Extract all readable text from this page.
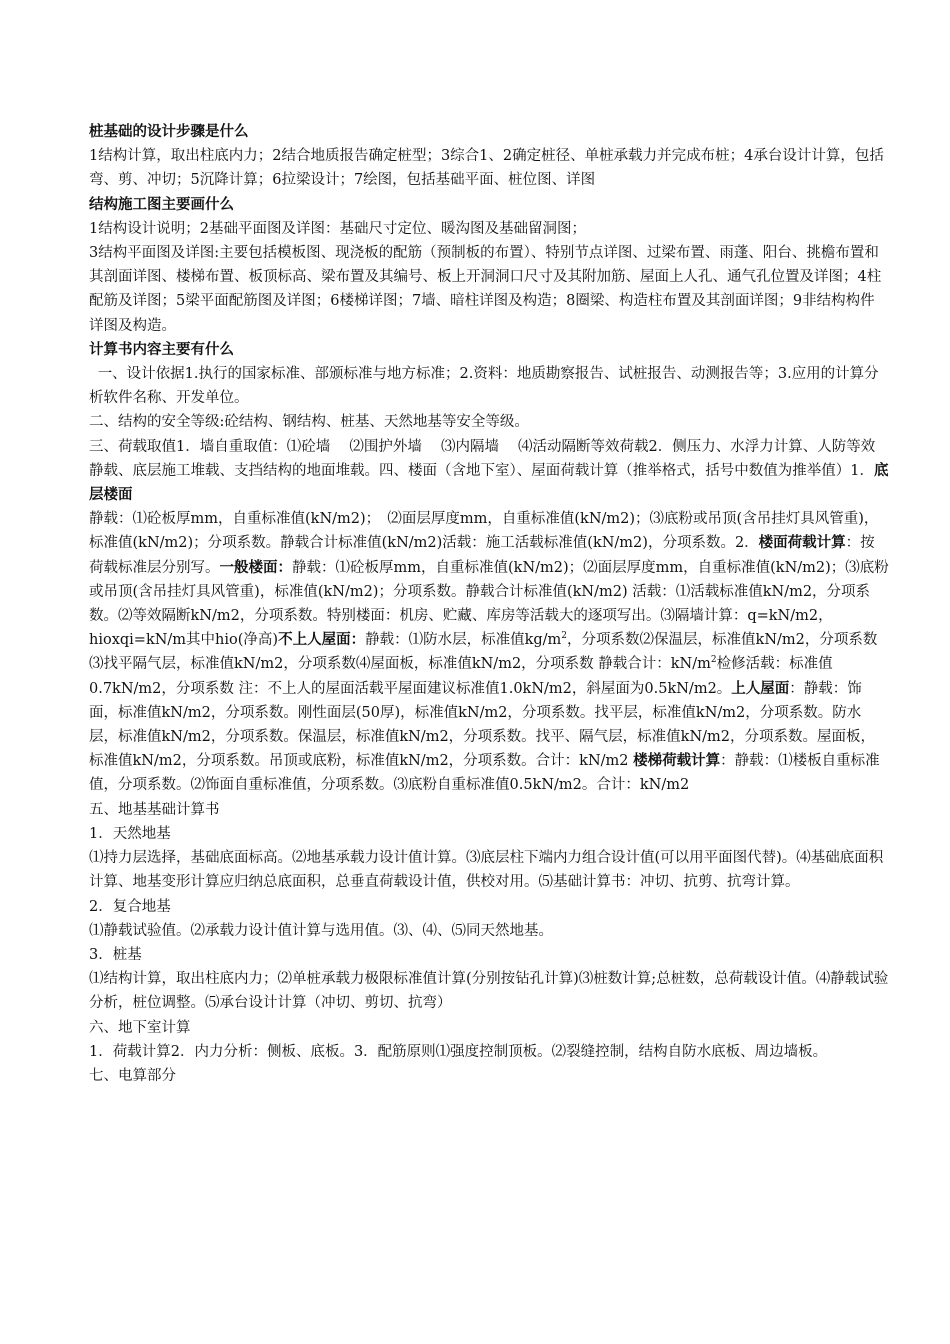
桩基础的设计步骤是什么

1结构计算，取出柱底内力；2结合地质报告确定桩型；3综合1、2确定桩径、单桩承载力并完成布桩；4承台设计计算，包括弯、剪、冲切；5沉降计算；6拉梁设计；7绘图，包括基础平面、桩位图、详图

结构施工图主要画什么

1结构设计说明；2基础平面图及详图：基础尺寸定位、暖沟图及基础留洞图；

3结构平面图及详图:主要包括模板图、现浇板的配筋（预制板的布置）、特别节点详图、过梁布置、雨蓬、阳台、挑檐布置和其剖面详图、楼梯布置、板顶标高、梁布置及其编号、板上开洞洞口尺寸及其附加筋、屋面上人孔、通气孔位置及详图；4柱配筋及详图；5梁平面配筋图及详图；6楼梯详图；7墙、暗柱详图及构造；8圈梁、构造柱布置及其剖面详图；9非结构构件详图及构造。

计算书内容主要有什么

一、设计依据1.执行的国家标准、部颁标准与地方标准；2.资料：地质勘察报告、试桩报告、动测报告等；3.应用的计算分析软件名称、开发单位。

二、结构的安全等级:砼结构、钢结构、桩基、天然地基等安全等级。

三、荷载取值1．墙自重取值：⑴砼墙　 ⑵围护外墙　 ⑶内隔墙　 ⑷活动隔断等效荷载2．侧压力、水浮力计算、人防等效静载、底层施工堆载、支挡结构的地面堆载。四、楼面（含地下室）、屋面荷载计算（推举格式，括号中数值为推举值）1．底层楼面

静载：⑴砼板厚mm，自重标准值(kN/m2)；　⑵面层厚度mm，自重标准值(kN/m2)；⑶底粉或吊顶(含吊挂灯具风管重)，标准值(kN/m2)；分项系数。静载合计标准值(kN/m2)活载：施工活载标准值(kN/m2)，分项系数。2．楼面荷载计算：按荷载标准层分别写。一般楼面：静载：⑴砼板厚mm，自重标准值(kN/m2)；⑵面层厚度mm，自重标准值(kN/m2)；⑶底粉或吊顶(含吊挂灯具风管重)，标准值(kN/m2)；分项系数。静载合计标准值(kN/m2) 活载：⑴活载标准值kN/m2，分项系数。⑵等效隔断kN/m2，分项系数。特别楼面：机房、贮藏、库房等活载大的逐项写出。⑶隔墙计算：q=kN/m2，hioxqi=kN/m其中hio(净高)不上人屋面：静载：⑴防水层，标准值$kg/m^2$，分项系数⑵保温层，标准值kN/m2，分项系数⑶找平隔气层，标准值kN/m2，分项系数⑷屋面板，标准值kN/m2，分项系数 静载合计：$kN/m^2$检修活载：标准值0.7kN/m2，分项系数 注：不上人的屋面活载平屋面建议标准值1.0kN/m2，斜屋面为0.5kN/m2。上人屋面：静载：饰面，标准值kN/m2，分项系数。刚性面层(50厚)，标准值kN/m2，分项系数。找平层，标准值kN/m2，分项系数。防水层，标准值kN/m2，分项系数。保温层，标准值kN/m2，分项系数。找平、隔气层，标准值kN/m2，分项系数。屋面板，标准值kN/m2，分项系数。吊顶或底粉，标准值kN/m2，分项系数。合计：kN/m2 楼梯荷载计算：静载：⑴楼板自重标准值，分项系数。⑵饰面自重标准值，分项系数。⑶底粉自重标准值0.5kN/m2。合计：kN/m2

五、地基基础计算书

1．天然地基

⑴持力层选择，基础底面标高。⑵地基承载力设计值计算。⑶底层柱下端内力组合设计值(可以用平面图代替)。⑷基础底面积计算、地基变形计算应归纳总底面积，总垂直荷载设计值，供校对用。⑸基础计算书：冲切、抗剪、抗弯计算。

2．复合地基

⑴静载试验值。⑵承载力设计值计算与选用值。⑶、⑷、⑸同天然地基。

3．桩基

⑴结构计算，取出柱底内力；⑵单桩承载力极限标准值计算(分别按钻孔计算)⑶桩数计算;总桩数，总荷载设计值。⑷静载试验分析，桩位调整。⑸承台设计计算（冲切、剪切、抗弯）

六、地下室计算

1．荷载计算2．内力分析：侧板、底板。3．配筋原则⑴强度控制顶板。⑵裂缝控制，结构自防水底板、周边墙板。

七、电算部分
